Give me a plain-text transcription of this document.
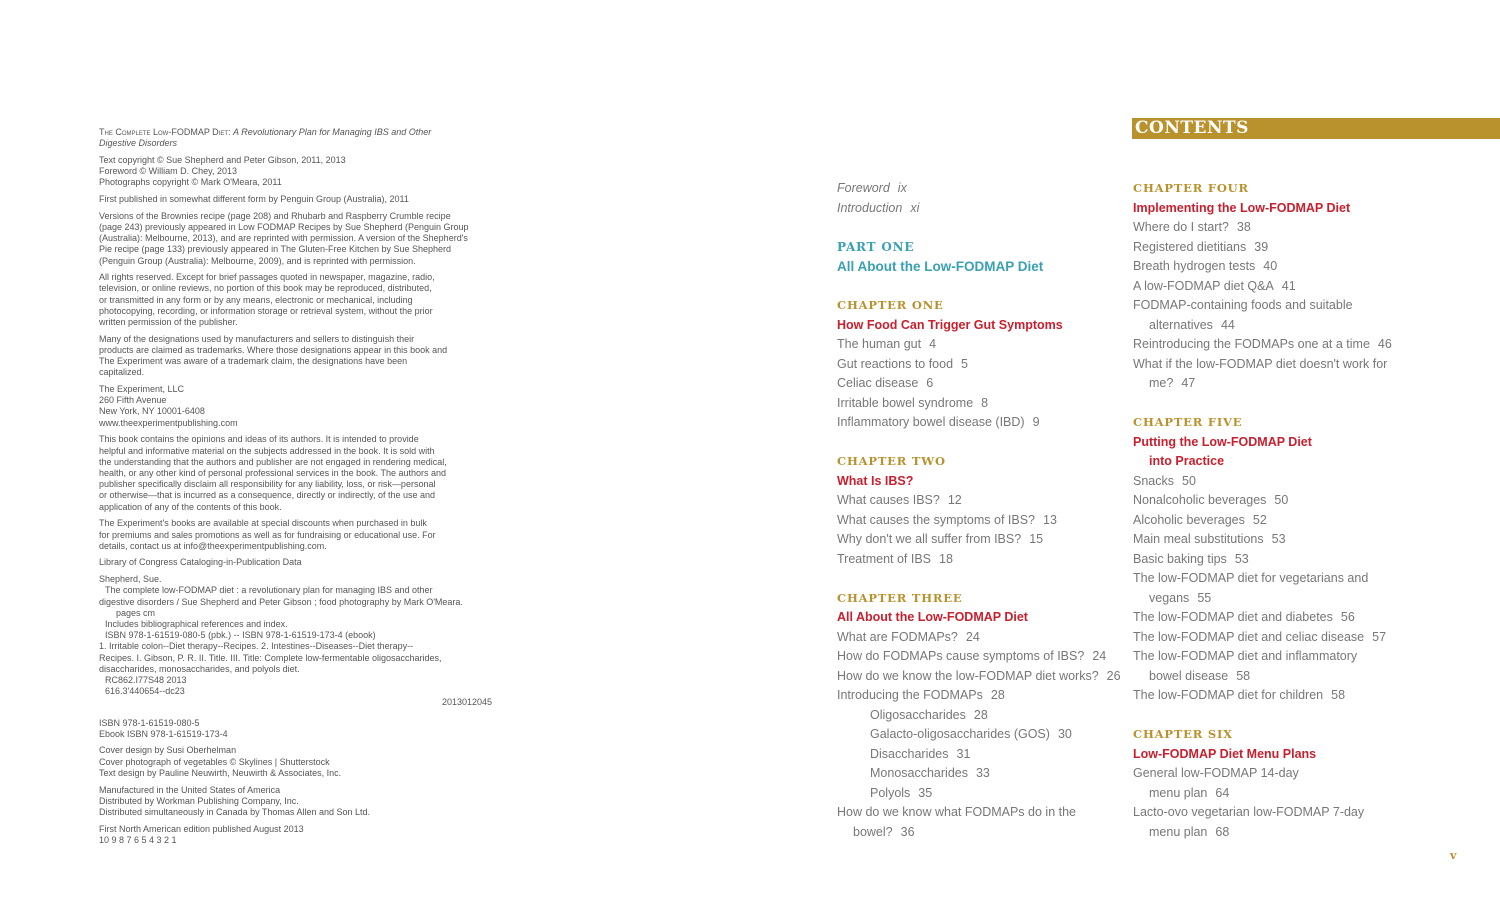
The Complete Low-FODMAP Diet: A Revolutionary Plan for Managing IBS and Other
Digestive Disorders
Text copyright © Sue Shepherd and Peter Gibson, 2011, 2013
Foreword © William D. Chey, 2013
Photographs copyright © Mark O'Meara, 2011
First published in somewhat different form by Penguin Group (Australia), 2011
Versions of the Brownies recipe (page 208) and Rhubarb and Raspberry Crumble recipe
(page 243) previously appeared in Low FODMAP Recipes by Sue Shepherd (Penguin Group
(Australia): Melbourne, 2013), and are reprinted with permission. A version of the Shepherd's
Pie recipe (page 133) previously appeared in The Gluten-Free Kitchen by Sue Shepherd
(Penguin Group (Australia): Melbourne, 2009), and is reprinted with permission.
All rights reserved. Except for brief passages quoted in newspaper, magazine, radio,
television, or online reviews, no portion of this book may be reproduced, distributed,
or transmitted in any form or by any means, electronic or mechanical, including
photocopying, recording, or information storage or retrieval system, without the prior
written permission of the publisher.
Many of the designations used by manufacturers and sellers to distinguish their
products are claimed as trademarks. Where those designations appear in this book and
The Experiment was aware of a trademark claim, the designations have been
capitalized.
The Experiment, LLC
260 Fifth Avenue
New York, NY 10001-6408
www.theexperimentpublishing.com
This book contains the opinions and ideas of its authors. It is intended to provide
helpful and informative material on the subjects addressed in the book. It is sold with
the understanding that the authors and publisher are not engaged in rendering medical,
health, or any other kind of personal professional services in the book. The authors and
publisher specifically disclaim all responsibility for any liability, loss, or risk—personal
or otherwise—that is incurred as a consequence, directly or indirectly, of the use and
application of any of the contents of this book.
The Experiment's books are available at special discounts when purchased in bulk
for premiums and sales promotions as well as for fundraising or educational use. For
details, contact us at info@theexperimentpublishing.com.
Library of Congress Cataloging-in-Publication Data
Shepherd, Sue.
The complete low-FODMAP diet : a revolutionary plan for managing IBS and other
digestive disorders / Sue Shepherd and Peter Gibson ; food photography by Mark O'Meara.
pages cm
Includes bibliographical references and index.
ISBN 978-1-61519-080-5 (pbk.) -- ISBN 978-1-61519-173-4 (ebook)
1. Irritable colon--Diet therapy--Recipes. 2. Intestines--Diseases--Diet therapy--
Recipes. I. Gibson, P. R. II. Title. III. Title: Complete low-fermentable oligosaccharides,
disaccharides, monosaccharides, and polyols diet.
RC862.I77S48 2013
616.3'440654--dc23
2013012045
ISBN 978-1-61519-080-5
Ebook ISBN 978-1-61519-173-4
Cover design by Susi Oberhelman
Cover photograph of vegetables © Skylines | Shutterstock
Text design by Pauline Neuwirth, Neuwirth & Associates, Inc.
Manufactured in the United States of America
Distributed by Workman Publishing Company, Inc.
Distributed simultaneously in Canada by Thomas Allen and Son Ltd.
First North American edition published August 2013
10 9 8 7 6 5 4 3 2 1
CONTENTS
Foreword ix
Introduction xi
PART ONE
All About the Low-FODMAP Diet
CHAPTER ONE
How Food Can Trigger Gut Symptoms
The human gut 4
Gut reactions to food 5
Celiac disease 6
Irritable bowel syndrome 8
Inflammatory bowel disease (IBD) 9
CHAPTER TWO
What Is IBS?
What causes IBS? 12
What causes the symptoms of IBS? 13
Why don't we all suffer from IBS? 15
Treatment of IBS 18
CHAPTER THREE
All About the Low-FODMAP Diet
What are FODMAPs? 24
How do FODMAPs cause symptoms of IBS? 24
How do we know the low-FODMAP diet works? 26
Introducing the FODMAPs 28
Oligosaccharides 28
Galacto-oligosaccharides (GOS) 30
Disaccharides 31
Monosaccharides 33
Polyols 35
How do we know what FODMAPs do in the
bowel? 36
CHAPTER FOUR
Implementing the Low-FODMAP Diet
Where do I start? 38
Registered dietitians 39
Breath hydrogen tests 40
A low-FODMAP diet Q&A 41
FODMAP-containing foods and suitable
alternatives 44
Reintroducing the FODMAPs one at a time 46
What if the low-FODMAP diet doesn't work for
me? 47
CHAPTER FIVE
Putting the Low-FODMAP Diet
into Practice
Snacks 50
Nonalcoholic beverages 50
Alcoholic beverages 52
Main meal substitutions 53
Basic baking tips 53
The low-FODMAP diet for vegetarians and
vegans 55
The low-FODMAP diet and diabetes 56
The low-FODMAP diet and celiac disease 57
The low-FODMAP diet and inflammatory
bowel disease 58
The low-FODMAP diet for children 58
CHAPTER SIX
Low-FODMAP Diet Menu Plans
General low-FODMAP 14-day
menu plan 64
Lacto-ovo vegetarian low-FODMAP 7-day
menu plan 68
v
